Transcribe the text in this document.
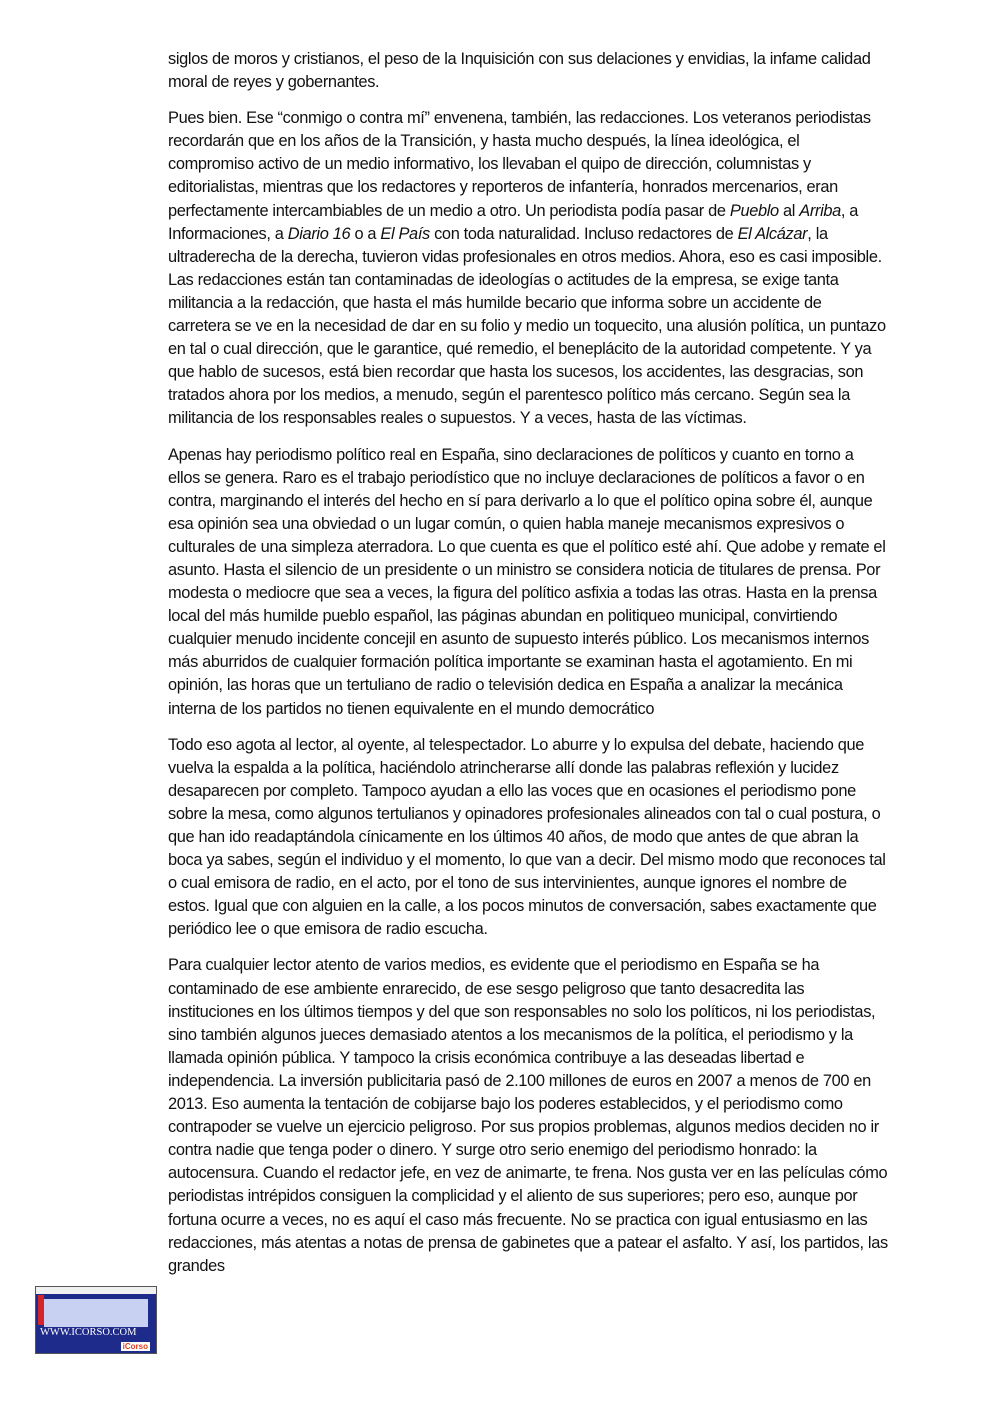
siglos de moros y cristianos, el peso de la Inquisición con sus delaciones y envidias, la infame calidad moral de reyes y gobernantes.

Pues bien. Ese “conmigo o contra mí” envenena, también, las redacciones. Los veteranos periodistas recordarán que en los años de la Transición, y hasta mucho después, la línea ideológica, el compromiso activo de un medio informativo, los llevaban el quipo de dirección, columnistas y editorialistas, mientras que los redactores y reporteros de infantería, honrados mercenarios, eran perfectamente intercambiables de un medio a otro. Un periodista podía pasar de Pueblo al Arriba, a Informaciones, a Diario 16 o a El País con toda naturalidad. Incluso redactores de El Alcázar, la ultraderecha de la derecha, tuvieron vidas profesionales en otros medios. Ahora, eso es casi imposible. Las redacciones están tan contaminadas de ideologías o actitudes de la empresa, se exige tanta militancia a la redacción, que hasta el más humilde becario que informa sobre un accidente de carretera se ve en la necesidad de dar en su folio y medio un toquecito, una alusión política, un puntazo en tal o cual dirección, que le garantice, qué remedio, el beneplácito de la autoridad competente. Y ya que hablo de sucesos, está bien recordar que hasta los sucesos, los accidentes, las desgracias, son tratados ahora por los medios, a menudo, según el parentesco político más cercano. Según sea la militancia de los responsables reales o supuestos. Y a veces, hasta de las víctimas.

Apenas hay periodismo político real en España, sino declaraciones de políticos y cuanto en torno a ellos se genera. Raro es el trabajo periodístico que no incluye declaraciones de políticos a favor o en contra, marginando el interés del hecho en sí para derivarlo a lo que el político opina sobre él, aunque esa opinión sea una obviedad o un lugar común, o quien habla maneje mecanismos expresivos o culturales de una simpleza aterradora. Lo que cuenta es que el político esté ahí. Que adobe y remate el asunto. Hasta el silencio de un presidente o un ministro se considera noticia de titulares de prensa. Por modesta o mediocre que sea a veces, la figura del político asfixia a todas las otras. Hasta en la prensa local del más humilde pueblo español, las páginas abundan en politiqueo municipal, convirtiendo cualquier menudo incidente concejil en asunto de supuesto interés público. Los mecanismos internos más aburridos de cualquier formación política importante se examinan hasta el agotamiento. En mi opinión, las horas que un tertuliano de radio o televisión dedica en España a analizar la mecánica interna de los partidos no tienen equivalente en el mundo democrático

Todo eso agota al lector, al oyente, al telespectador. Lo aburre y lo expulsa del debate, haciendo que vuelva la espalda a la política, haciéndolo atrincherarse allí donde las palabras reflexión y lucidez desaparecen por completo. Tampoco ayudan a ello las voces que en ocasiones el periodismo pone sobre la mesa, como algunos tertulianos y opinadores profesionales alineados con tal o cual postura, o que han ido readaptándola cínicamente en los últimos 40 años, de modo que antes de que abran la boca ya sabes, según el individuo y el momento, lo que van a decir. Del mismo modo que reconoces tal o cual emisora de radio, en el acto, por el tono de sus intervinientes, aunque ignores el nombre de estos. Igual que con alguien en la calle, a los pocos minutos de conversación, sabes exactamente que periódico lee o que emisora de radio escucha.

Para cualquier lector atento de varios medios, es evidente que el periodismo en España se ha contaminado de ese ambiente enrarecido, de ese sesgo peligroso que tanto desacredita las instituciones en los últimos tiempos y del que son responsables no solo los políticos, ni los periodistas, sino también algunos jueces demasiado atentos a los mecanismos de la política, el periodismo y la llamada opinión pública. Y tampoco la crisis económica contribuye a las deseadas libertad e independencia. La inversión publicitaria pasó de 2.100 millones de euros en 2007 a menos de 700 en 2013. Eso aumenta la tentación de cobijarse bajo los poderes establecidos, y el periodismo como contrapoder se vuelve un ejercicio peligroso. Por sus propios problemas, algunos medios deciden no ir contra nadie que tenga poder o dinero. Y surge otro serio enemigo del periodismo honrado: la autocensura. Cuando el redactor jefe, en vez de animarte, te frena. Nos gusta ver en las películas cómo periodistas intrépidos consiguen la complicidad y el aliento de sus superiores; pero eso, aunque por fortuna ocurre a veces, no es aquí el caso más frecuente. No se practica con igual entusiasmo en las redacciones, más atentas a notas de prensa de gabinetes que a patear el asfalto. Y así, los partidos, las grandes

WWW.ICORSO.COM
iCorso
